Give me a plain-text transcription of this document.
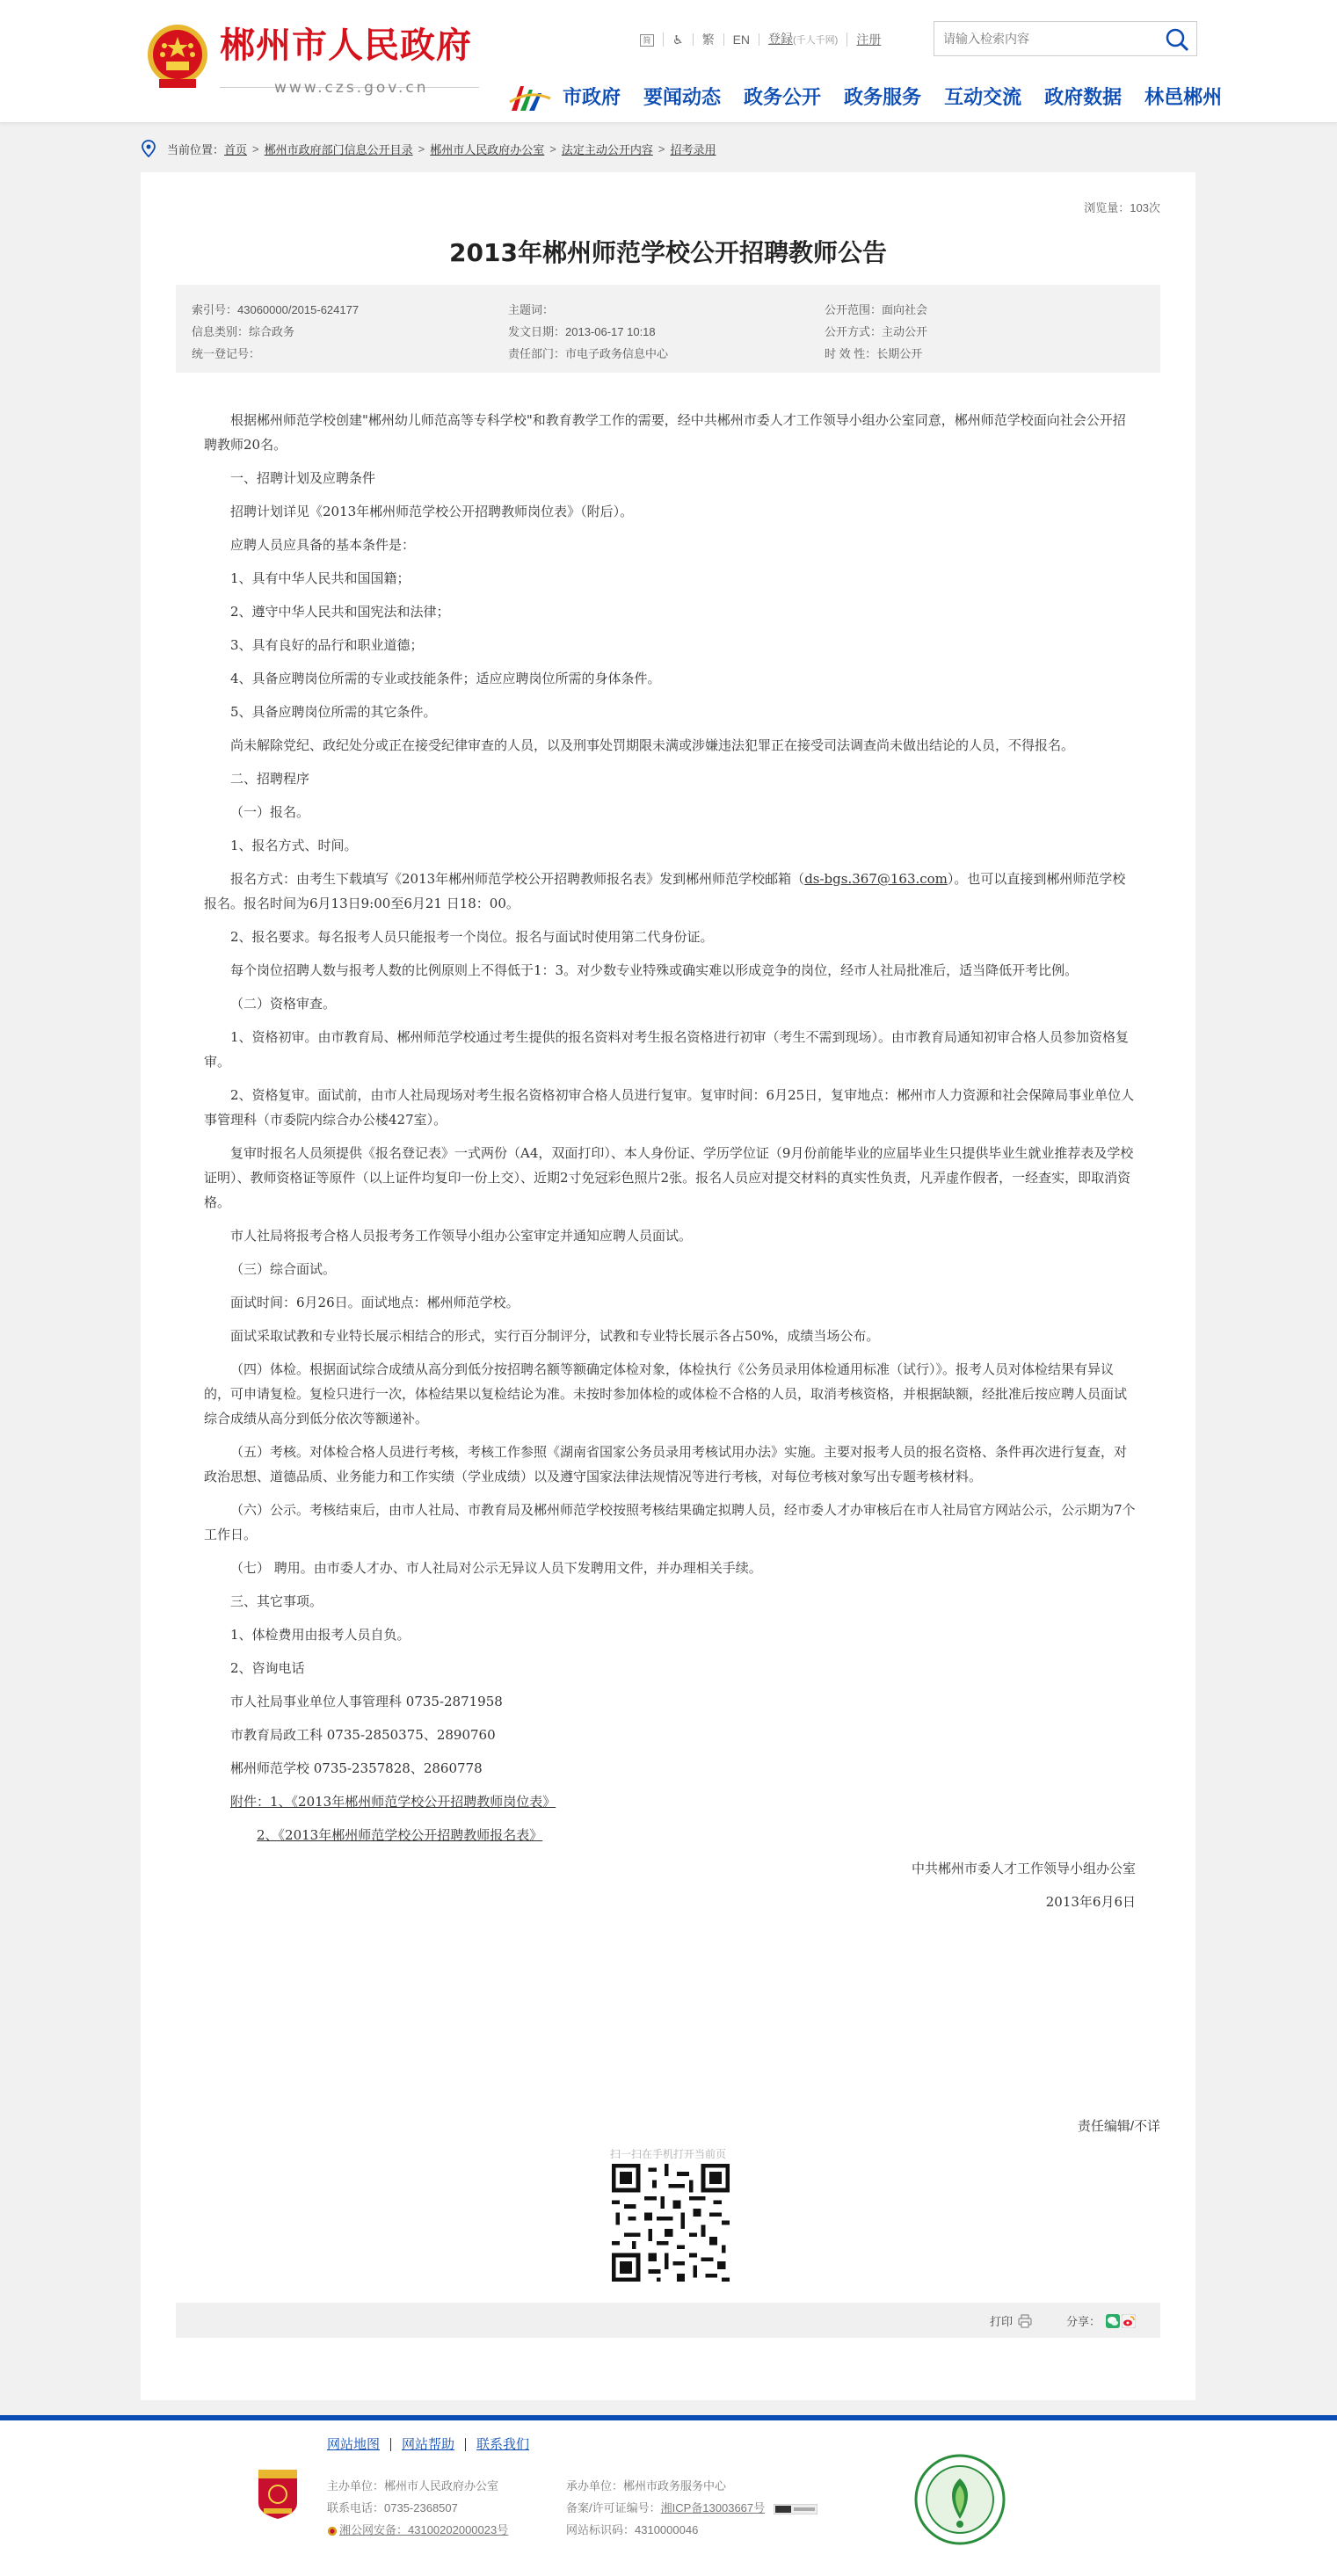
郴州市人民政府
www.czs.gov.cn
简	♿	繁	EN	登録(千人千网)	注册
请输入检索内容
市政府 要闻动态 政务公开 政务服务 互动交流 政府数据 林邑郴州
当前位置： 首页 > 郴州市政府部门信息公开目录 > 郴州市人民政府办公室 > 法定主动公开内容 > 招考录用
浏览量：103次
2013年郴州师范学校公开招聘教师公告
索引号：43060000/2015-624177	主题词：	公开范围：面向社会
信息类别：综合政务	发文日期：2013-06-17 10:18	公开方式：主动公开
统一登记号：	责任部门：市电子政务信息中心	时 效 性：长期公开

根据郴州师范学校创建"郴州幼儿师范高等专科学校"和教育教学工作的需要，经中共郴州市委人才工作领导小组办公室同意，郴州师范学校面向社会公开招聘教师20名。

一、招聘计划及应聘条件

招聘计划详见《2013年郴州师范学校公开招聘教师岗位表》（附后）。

应聘人员应具备的基本条件是：

1、具有中华人民共和国国籍；

2、遵守中华人民共和国宪法和法律；

3、具有良好的品行和职业道德；

4、具备应聘岗位所需的专业或技能条件；适应应聘岗位所需的身体条件。

5、具备应聘岗位所需的其它条件。

尚未解除党纪、政纪处分或正在接受纪律审查的人员，以及刑事处罚期限未满或涉嫌违法犯罪正在接受司法调查尚未做出结论的人员，不得报名。

二、招聘程序

（一）报名。

1、报名方式、时间。

报名方式：由考生下载填写《2013年郴州师范学校公开招聘教师报名表》发到郴州师范学校邮箱（ds-bgs.367@163.com）。也可以直接到郴州师范学校报名。报名时间为6月13日9:00至6月21 日18：00。

2、报名要求。每名报考人员只能报考一个岗位。报名与面试时使用第二代身份证。

每个岗位招聘人数与报考人数的比例原则上不得低于1：3。对少数专业特殊或确实难以形成竞争的岗位，经市人社局批准后，适当降低开考比例。

（二）资格审查。

1、资格初审。由市教育局、郴州师范学校通过考生提供的报名资料对考生报名资格进行初审（考生不需到现场）。由市教育局通知初审合格人员参加资格复审。

2、资格复审。面试前，由市人社局现场对考生报名资格初审合格人员进行复审。复审时间：6月25日，复审地点：郴州市人力资源和社会保障局事业单位人事管理科（市委院内综合办公楼427室）。

复审时报名人员须提供《报名登记表》一式两份（A4，双面打印）、本人身份证、学历学位证（9月份前能毕业的应届毕业生只提供毕业生就业推荐表及学校证明）、教师资格证等原件（以上证件均复印一份上交）、近期2寸免冠彩色照片2张。报名人员应对提交材料的真实性负责，凡弄虚作假者，一经查实，即取消资格。

市人社局将报考合格人员报考务工作领导小组办公室审定并通知应聘人员面试。

（三）综合面试。

面试时间：6月26日。面试地点：郴州师范学校。

面试采取试教和专业特长展示相结合的形式，实行百分制评分，试教和专业特长展示各占50%，成绩当场公布。

（四）体检。根据面试综合成绩从高分到低分按招聘名额等额确定体检对象，体检执行《公务员录用体检通用标准（试行）》。报考人员对体检结果有异议的，可申请复检。复检只进行一次，体检结果以复检结论为准。未按时参加体检的或体检不合格的人员，取消考核资格，并根据缺额，经批准后按应聘人员面试综合成绩从高分到低分依次等额递补。

（五）考核。对体检合格人员进行考核，考核工作参照《湖南省国家公务员录用考核试用办法》实施。主要对报考人员的报名资格、条件再次进行复查，对政治思想、道德品质、业务能力和工作实绩（学业成绩）以及遵守国家法律法规情况等进行考核，对每位考核对象写出专题考核材料。

（六）公示。考核结束后，由市人社局、市教育局及郴州师范学校按照考核结果确定拟聘人员，经市委人才办审核后在市人社局官方网站公示，公示期为7个工作日。

（七） 聘用。由市委人才办、市人社局对公示无异议人员下发聘用文件，并办理相关手续。

三、其它事项。

1、体检费用由报考人员自负。

2、咨询电话

市人社局事业单位人事管理科 0735-2871958

市教育局政工科 0735-2850375、2890760

郴州师范学校 0735-2357828、2860778

附件：1、《2013年郴州师范学校公开招聘教师岗位表》

2、《2013年郴州师范学校公开招聘教师报名表》

中共郴州市委人才工作领导小组办公室

2013年6月6日

责任编辑/不详
扫一扫在手机打开当前页
打印	分享：
网站地图	网站帮助	联系我们
主办单位：郴州市人民政府办公室	承办单位：郴州市政务服务中心
联系电话：0735-2368507	备案/许可证编号：湘ICP备13003667号
湘公网安备：43100202000023号	网站标识码：4310000046
